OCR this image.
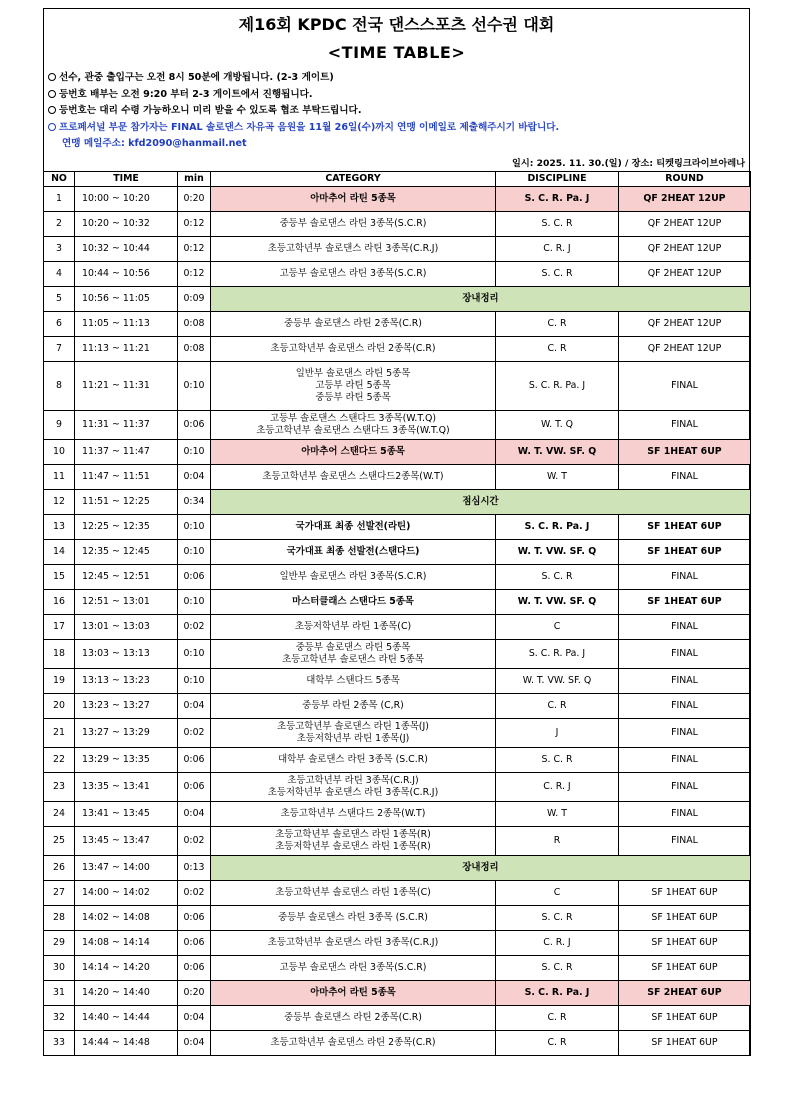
제16회 KPDC 전국 댄스스포츠 선수권 대회
<TIME TABLE>
선수, 관중 출입구는 오전 8시 50분에 개방됩니다. (2-3 게이트)
등번호 배부는 오전 9:20 부터 2-3 게이트에서 진행됩니다.
등번호는 대리 수령 가능하오니 미리 받을 수 있도록 협조 부탁드립니다.
프로페셔널 부문 참가자는 FINAL 솔로댄스 자유곡 음원을 11월 26일(수)까지 연맹 이메일로 제출해주시기 바랍니다.
연맹 메일주소: kfd2090@hanmail.net
일시: 2025. 11. 30.(일) / 장소: 티켓링크라이브아레나
NO	TIME	min	CATEGORY	DISCIPLINE	ROUND
1	10:00 ~ 10:20	0:20	아마추어 라틴 5종목	S. C. R. Pa. J	QF 2HEAT 12UP
2	10:20 ~ 10:32	0:12	중등부 솔로댄스 라틴 3종목(S.C.R)	S. C. R	QF 2HEAT 12UP
3	10:32 ~ 10:44	0:12	초등고학년부 솔로댄스 라틴 3종목(C.R.J)	C. R. J	QF 2HEAT 12UP
4	10:44 ~ 10:56	0:12	고등부 솔로댄스 라틴 3종목(S.C.R)	S. C. R	QF 2HEAT 12UP
5	10:56 ~ 11:05	0:09	장내정리		

6	11:05 ~ 11:13	0:08	중등부 솔로댄스 라틴 2종목(C.R)	C. R	QF 2HEAT 12UP
7	11:13 ~ 11:21	0:08	초등고학년부 솔로댄스 라틴 2종목(C.R)	C. R	QF 2HEAT 12UP
8	11:21 ~ 11:31	0:10	일반부 솔로댄스 라틴 5종목
고등부 라틴 5종목
중등부 라틴 5종목	S. C. R. Pa. J	FINAL
9	11:31 ~ 11:37	0:06	고등부 솔로댄스 스탠다드 3종목(W.T.Q)
초등고학년부 솔로댄스 스탠다드 3종목(W.T.Q)	W. T. Q	FINAL
10	11:37 ~ 11:47	0:10	아마추어 스탠다드 5종목	W. T. VW. SF. Q	SF 1HEAT 6UP
11	11:47 ~ 11:51	0:04	초등고학년부 솔로댄스 스탠다드2종목(W.T)	W. T	FINAL
12	11:51 ~ 12:25	0:34	점심시간		

13	12:25 ~ 12:35	0:10	국가대표 최종 선발전(라틴)	S. C. R. Pa. J	SF 1HEAT 6UP
14	12:35 ~ 12:45	0:10	국가대표 최종 선발전(스탠다드)	W. T. VW. SF. Q	SF 1HEAT 6UP
15	12:45 ~ 12:51	0:06	일반부 솔로댄스 라틴 3종목(S.C.R)	S. C. R	FINAL
16	12:51 ~ 13:01	0:10	마스터클래스 스탠다드 5종목	W. T. VW. SF. Q	SF 1HEAT 6UP
17	13:01 ~ 13:03	0:02	초등저학년부 라틴 1종목(C)	C	FINAL
18	13:03 ~ 13:13	0:10	중등부 솔로댄스 라틴 5종목
초등고학년부 솔로댄스 라틴 5종목	S. C. R. Pa. J	FINAL
19	13:13 ~ 13:23	0:10	대학부 스탠다드 5종목	W. T. VW. SF. Q	FINAL
20	13:23 ~ 13:27	0:04	중등부 라틴 2종목 (C,R)	C. R	FINAL
21	13:27 ~ 13:29	0:02	초등고학년부 솔로댄스 라틴 1종목(J)
초등저학년부 라틴 1종목(J)	J	FINAL
22	13:29 ~ 13:35	0:06	대학부 솔로댄스 라틴 3종목 (S.C.R)	S. C. R	FINAL
23	13:35 ~ 13:41	0:06	초등고학년부 라틴 3종목(C.R.J)
초등저학년부 솔로댄스 라틴 3종목(C.R.J)	C. R. J	FINAL
24	13:41 ~ 13:45	0:04	초등고학년부 스탠다드 2종목(W.T)	W. T	FINAL
25	13:45 ~ 13:47	0:02	초등고학년부 솔로댄스 라틴 1종목(R)
초등저학년부 솔로댄스 라틴 1종목(R)	R	FINAL
26	13:47 ~ 14:00	0:13	장내정리		

27	14:00 ~ 14:02	0:02	초등고학년부 솔로댄스 라틴 1종목(C)	C	SF 1HEAT 6UP
28	14:02 ~ 14:08	0:06	중등부 솔로댄스 라틴 3종목 (S.C.R)	S. C. R	SF 1HEAT 6UP
29	14:08 ~ 14:14	0:06	초등고학년부 솔로댄스 라틴 3종목(C.R.J)	C. R. J	SF 1HEAT 6UP
30	14:14 ~ 14:20	0:06	고등부 솔로댄스 라틴 3종목(S.C.R)	S. C. R	SF 1HEAT 6UP
31	14:20 ~ 14:40	0:20	아마추어 라틴 5종목	S. C. R. Pa. J	SF 2HEAT 6UP
32	14:40 ~ 14:44	0:04	중등부 솔로댄스 라틴 2종목(C.R)	C. R	SF 1HEAT 6UP
33	14:44 ~ 14:48	0:04	초등고학년부 솔로댄스 라틴 2종목(C.R)	C. R	SF 1HEAT 6UP
